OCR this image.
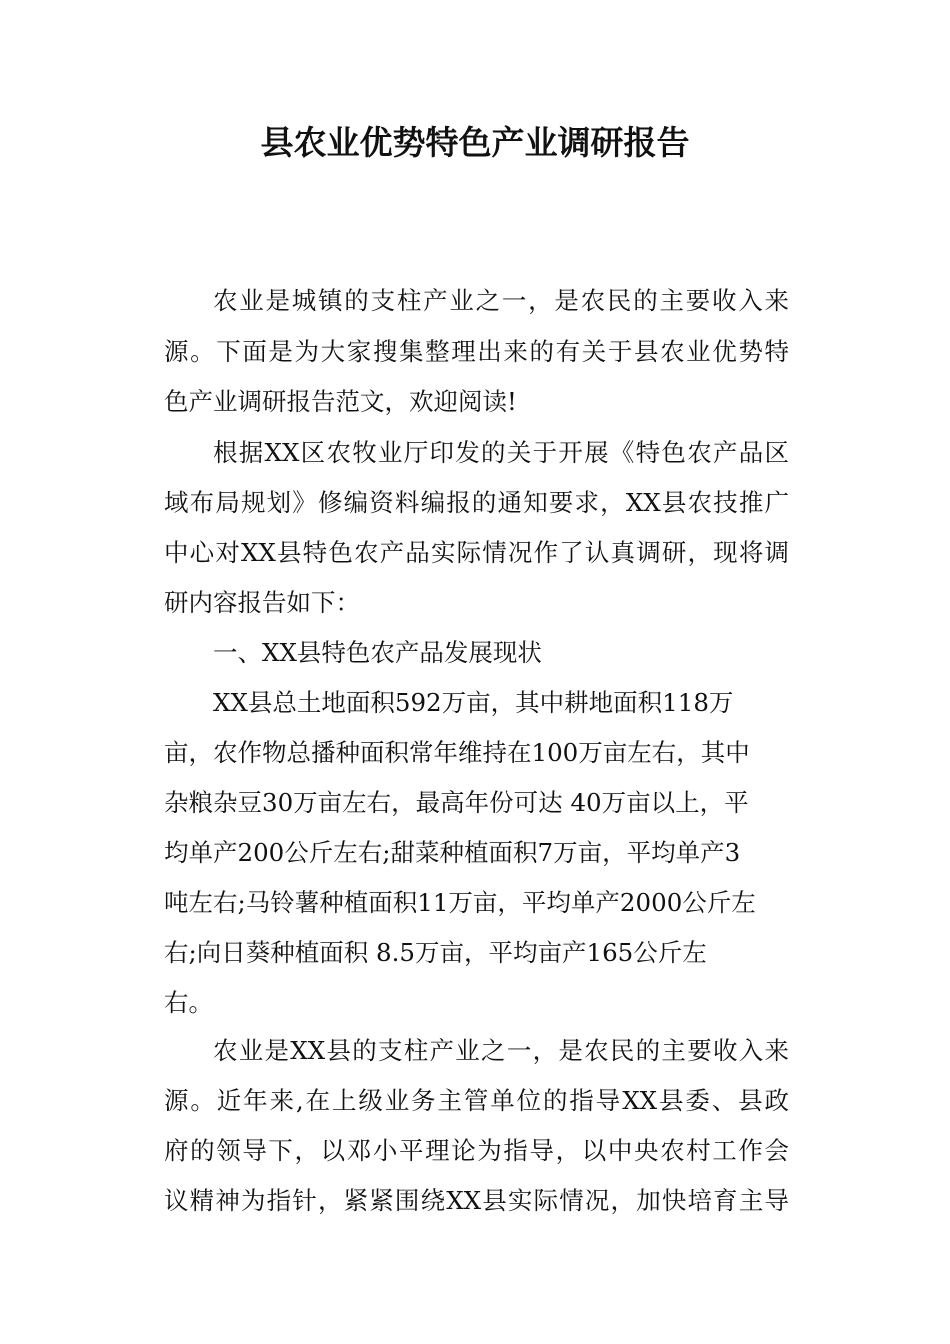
县农业优势特色产业调研报告

农业是城镇的支柱产业之一，是农民的主要收入来

源。下面是为大家搜集整理出来的有关于县农业优势特

色产业调研报告范文，欢迎阅读!

根据XX区农牧业厅印发的关于开展《特色农产品区

域布局规划》修编资料编报的通知要求，XX县农技推广

中心对XX县特色农产品实际情况作了认真调研，现将调

研内容报告如下：

一、XX县特色农产品发展现状

XX县总土地面积592万亩，其中耕地面积118万

亩，农作物总播种面积常年维持在100万亩左右，其中

杂粮杂豆30万亩左右，最高年份可达 40万亩以上，平

均单产200公斤左右;甜菜种植面积7万亩，平均单产3

吨左右;马铃薯种植面积11万亩，平均单产2000公斤左

右;向日葵种植面积 8.5万亩，平均亩产165公斤左

右。

农业是XX县的支柱产业之一，是农民的主要收入来

源。近年来,在上级业务主管单位的指导XX县委、县政

府的领导下，以邓小平理论为指导，以中央农村工作会

议精神为指针，紧紧围绕XX县实际情况，加快培育主导
